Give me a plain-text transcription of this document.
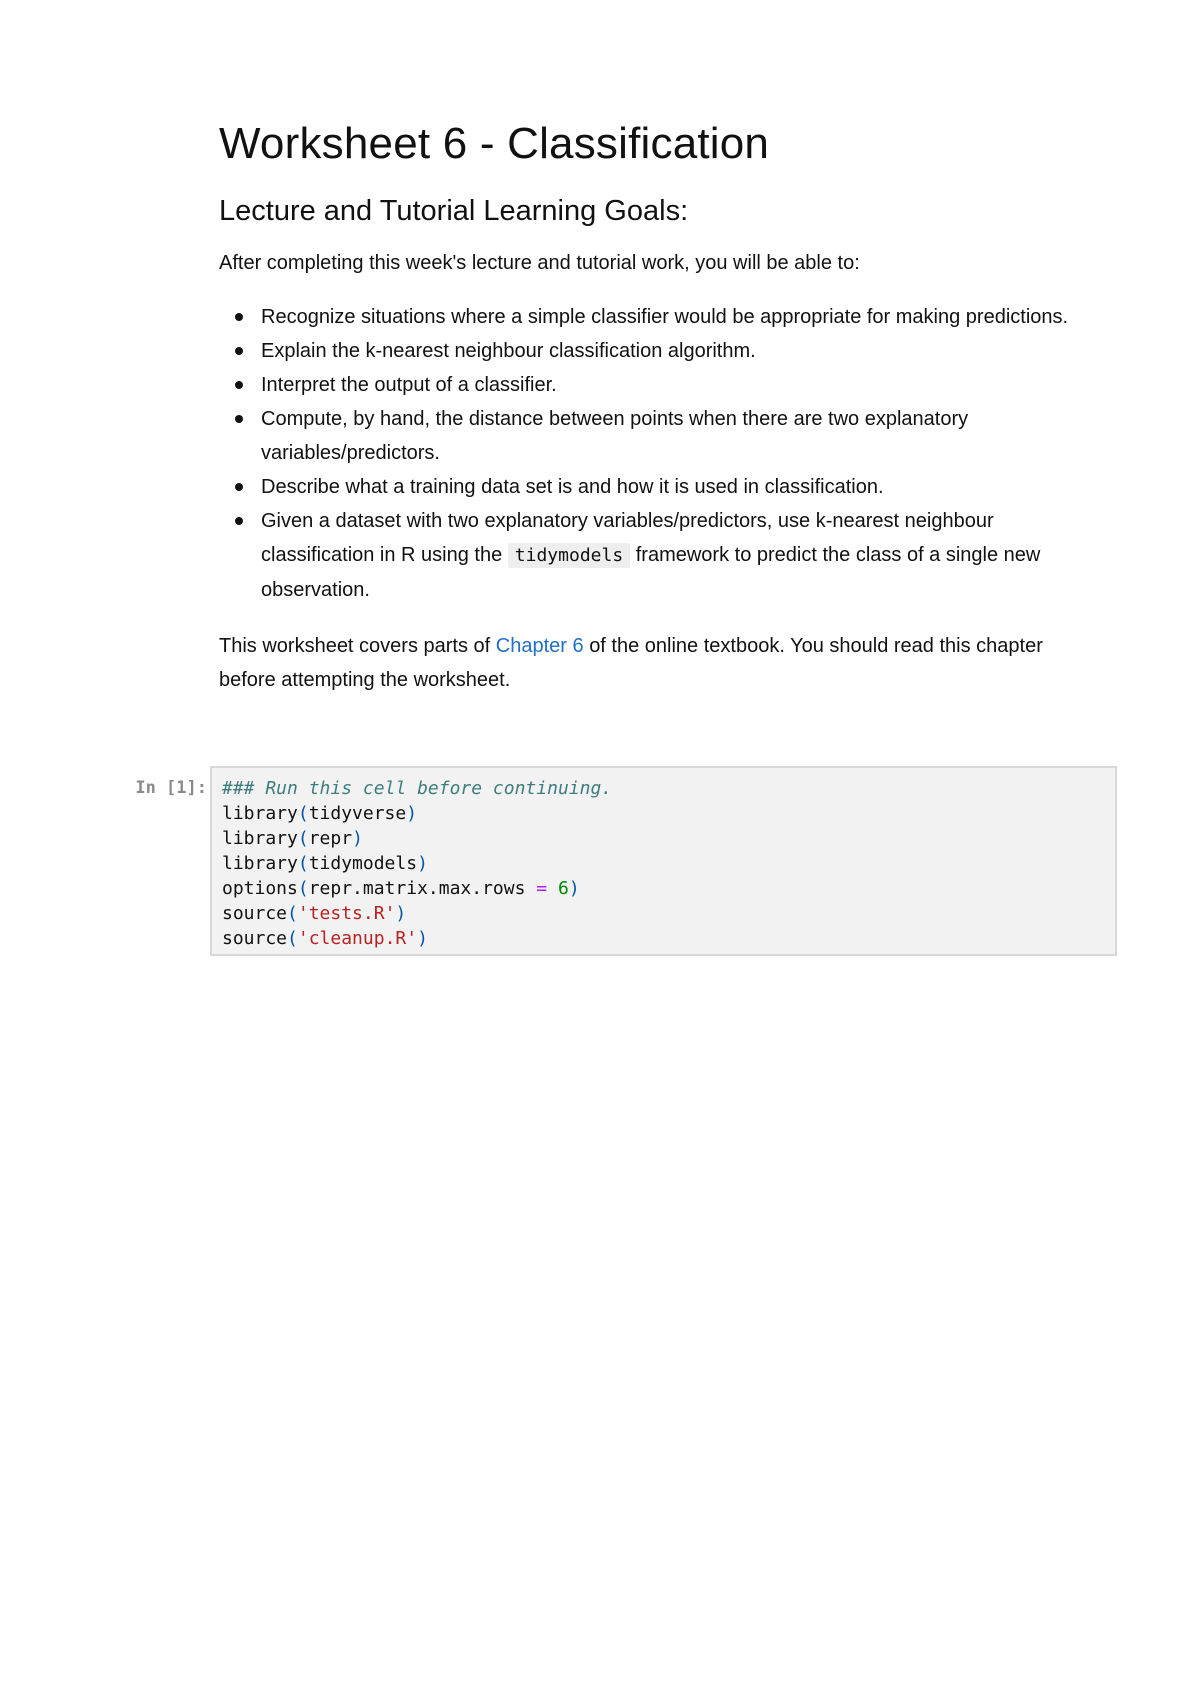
Worksheet 6 - Classification
Lecture and Tutorial Learning Goals:

After completing this week's lecture and tutorial work, you will be able to:

Recognize situations where a simple classifier would be appropriate for making predictions.
Explain the k-nearest neighbour classification algorithm.
Interpret the output of a classifier.
Compute, by hand, the distance between points when there are two explanatory variables/predictors.
Describe what a training data set is and how it is used in classification.
Given a dataset with two explanatory variables/predictors, use k-nearest neighbour classification in R using the tidymodels framework to predict the class of a single new observation.

This worksheet covers parts of Chapter 6 of the online textbook. You should read this chapter before attempting the worksheet.

In [1]: ### Run this cell before continuing.
library(tidyverse)
library(repr)
library(tidymodels)
options(repr.matrix.max.rows = 6)
source('tests.R')
source('cleanup.R')
